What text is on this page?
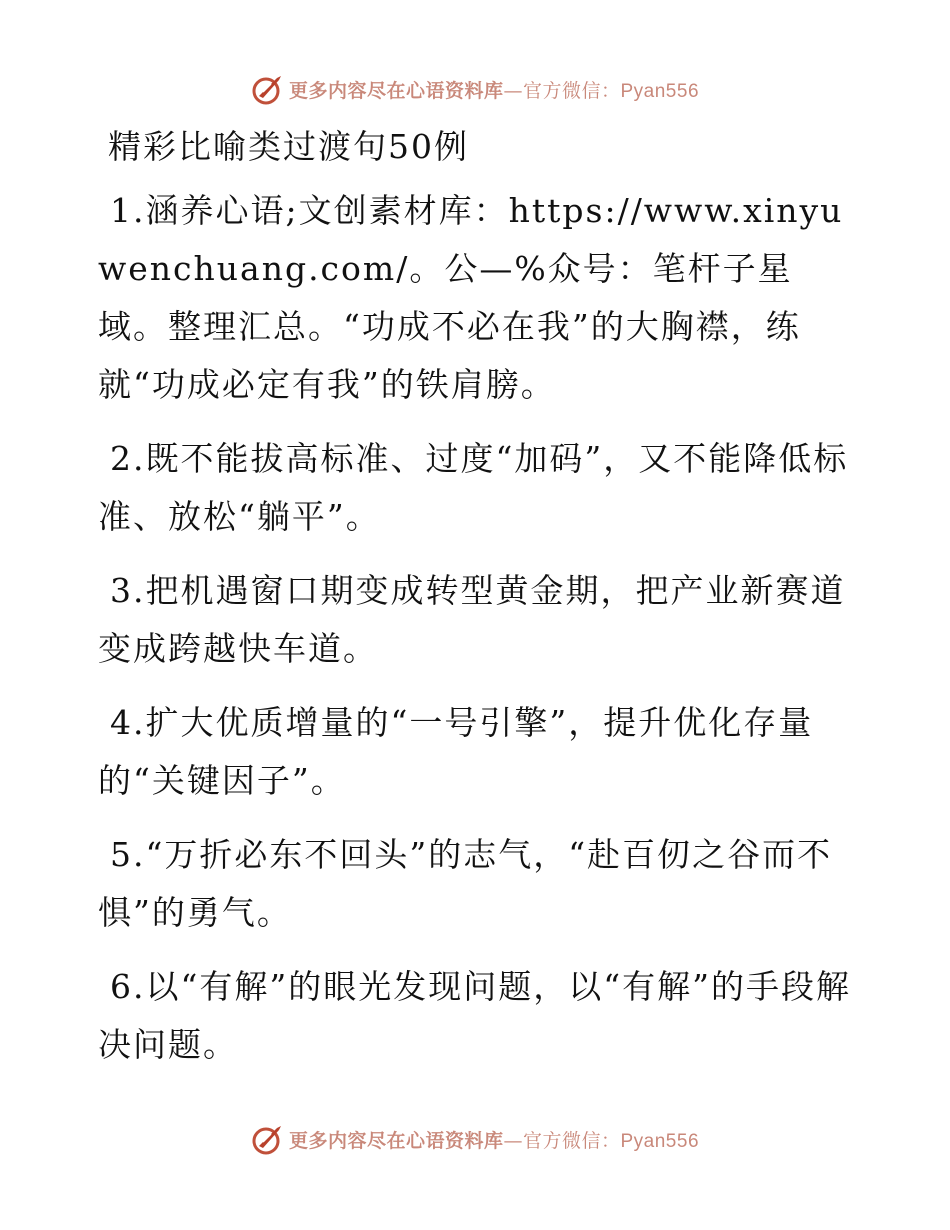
更多内容尽在心语资料库—官方微信：Pyan556
精彩比喻类过渡句50例
1.涵养心语;文创素材库：https://www.xinyuwenchuang.com/。公—%众号：笔杆子星域。整理汇总。“功成不必在我”的大胸襟，练就“功成必定有我”的铁肩膀。
2.既不能拔高标准、过度“加码”，又不能降低标准、放松“躺平”。
3.把机遇窗口期变成转型黄金期，把产业新赛道变成跨越快车道。
4.扩大优质增量的“一号引擎”，提升优化存量的“关键因子”。
5.“万折必东不回头”的志气，“赴百仞之谷而不惧”的勇气。
6.以“有解”的眼光发现问题，以“有解”的手段解决问题。
更多内容尽在心语资料库—官方微信：Pyan556
